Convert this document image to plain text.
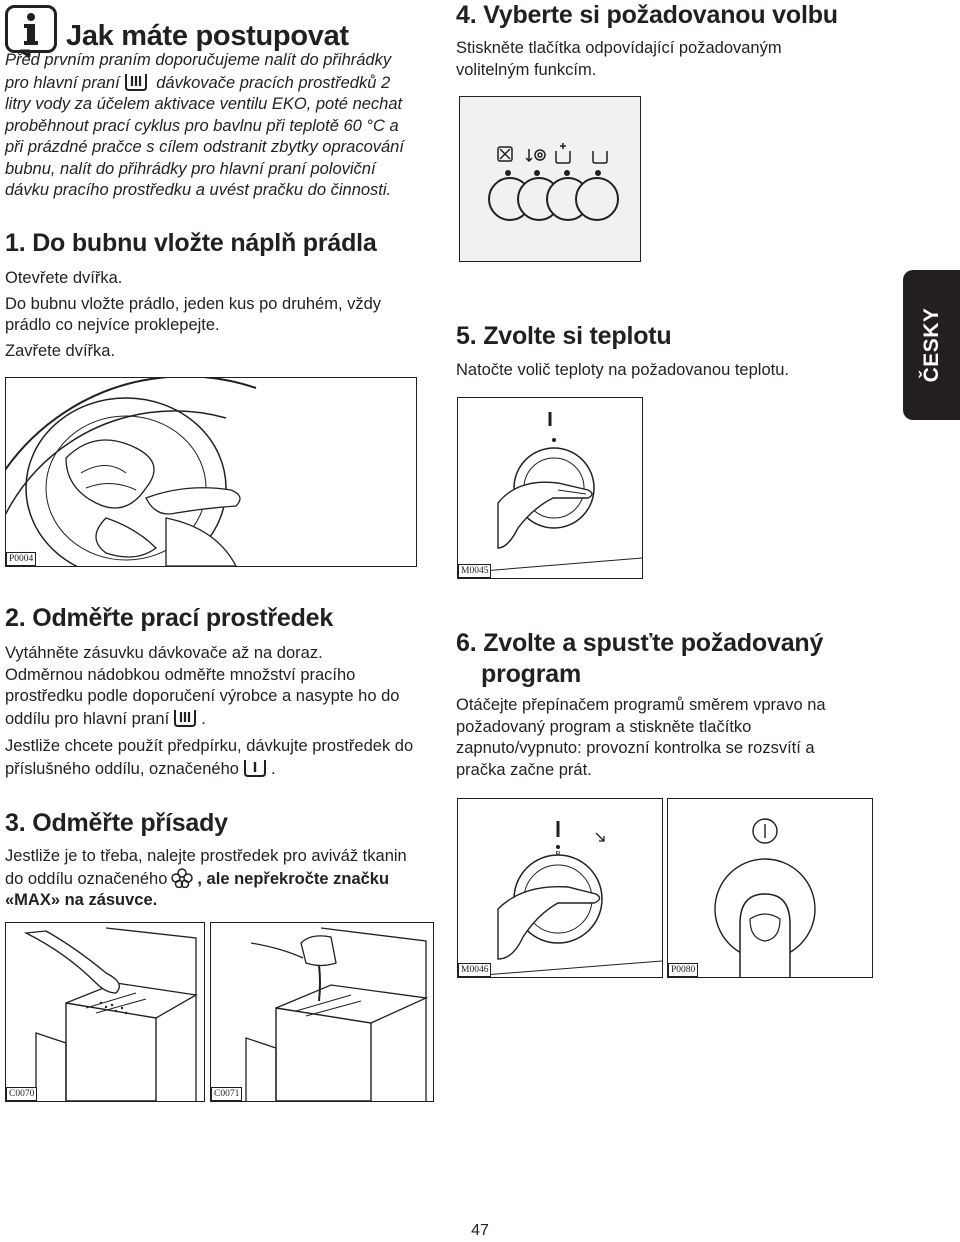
Jak máte postupovat
Před prvním praním doporučujeme nalít do přihrádky
pro hlavní praní dávkovače pracích prostředků 2
litry vody za účelem aktivace ventilu EKO, poté nechat
proběhnout prací cyklus pro bavlnu při teplotě 60 °C a
při prázdné pračce s cílem odstranit zbytky opracování
bubnu, nalít do přihrádky pro hlavní praní poloviční
dávku pracího prostředku a uvést pračku do činnosti.
1. Do bubnu vložte náplň prádla

Otevřete dvířka.

Do bubnu vložte prádlo, jeden kus po druhém, vždy

prádlo co nejvíce proklepejte.

Zavřete dvířka.

P0004
2. Odměřte prací prostředek

Vytáhněte zásuvku dávkovače až na doraz.

Odměrnou nádobkou odměřte množství pracího

prostředku podle doporučení výrobce a nasypte ho do

oddílu pro hlavní praní .

Jestliže chcete použít předpírku, dávkujte prostředek do

příslušného oddílu, označeného .

3. Odměřte přísady

Jestliže je to třeba, nalejte prostředek pro aviváž tkanin

do oddílu označeného , ale nepřekročte značku

«MAX» na zásuvce.

C0070	C0071
4. Vyberte si požadovanou volbu

Stiskněte tlačítka odpovídající požadovaným

volitelným funkcím.

5. Zvolte si teplotu

Natočte volič teploty na požadovanou teplotu.

M0045
6. Zvolte a spusťte požadovaný
program

Otáčejte přepínačem programů směrem vpravo na

požadovaný program a stiskněte tlačítko

zapnuto/vypnuto: provozní kontrolka se rozsvítí a

pračka začne prát.

M0046	P0080
ČESKY
47
